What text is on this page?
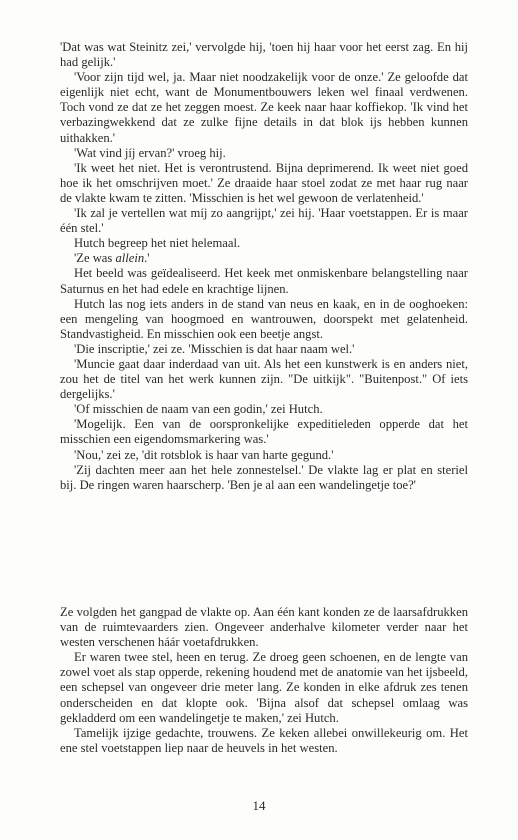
'Dat was wat Steinitz zei,' vervolgde hij, 'toen hij haar voor het eerst zag. En hij had gelijk.'

'Voor zijn tijd wel, ja. Maar niet noodzakelijk voor de onze.' Ze geloofde dat eigenlijk niet echt, want de Monumentbouwers leken wel finaal verdwenen. Toch vond ze dat ze het zeggen moest. Ze keek naar haar koffiekop. 'Ik vind het verbazingwekkend dat ze zulke fijne details in dat blok ijs hebben kunnen uithakken.'

'Wat vind jíj ervan?' vroeg hij.

'Ik weet het niet. Het is verontrustend. Bijna deprimerend. Ik weet niet goed hoe ik het omschrijven moet.' Ze draaide haar stoel zodat ze met haar rug naar de vlakte kwam te zitten. 'Misschien is het wel gewoon de verlatenheid.'

'Ik zal je vertellen wat míj zo aangrijpt,' zei hij. 'Haar voetstappen. Er is maar één stel.'

Hutch begreep het niet helemaal.

'Ze was allein.'

Het beeld was geïdealiseerd. Het keek met onmiskenbare belangstelling naar Saturnus en het had edele en krachtige lijnen.

Hutch las nog iets anders in de stand van neus en kaak, en in de ooghoeken: een mengeling van hoogmoed en wantrouwen, doorspekt met gelatenheid. Standvastigheid. En misschien ook een beetje angst.

'Die inscriptie,' zei ze. 'Misschien is dat haar naam wel.'

'Muncie gaat daar inderdaad van uit. Als het een kunstwerk is en anders niet, zou het de titel van het werk kunnen zijn. "De uitkijk". "Buitenpost." Of iets dergelijks.'

'Of misschien de naam van een godin,' zei Hutch.

'Mogelijk. Een van de oorspronkelijke expeditieleden opperde dat het misschien een eigendomsmarkering was.'

'Nou,' zei ze, 'dit rotsblok is haar van harte gegund.'

'Zij dachten meer aan het hele zonnestelsel.' De vlakte lag er plat en steriel bij. De ringen waren haarscherp. 'Ben je al aan een wandelingetje toe?'

Ze volgden het gangpad de vlakte op. Aan één kant konden ze de laarsafdrukken van de ruimtevaarders zien. Ongeveer anderhalve kilometer verder naar het westen verschenen háár voetafdrukken.

Er waren twee stel, heen en terug. Ze droeg geen schoenen, en de lengte van zowel voet als stap opperde, rekening houdend met de anatomie van het ijsbeeld, een schepsel van ongeveer drie meter lang. Ze konden in elke afdruk zes tenen onderscheiden en dat klopte ook. 'Bijna alsof dat schepsel omlaag was gekladderd om een wandelingetje te maken,' zei Hutch.

Tamelijk ijzige gedachte, trouwens. Ze keken allebei onwillekeurig om. Het ene stel voetstappen liep naar de heuvels in het westen.

14
